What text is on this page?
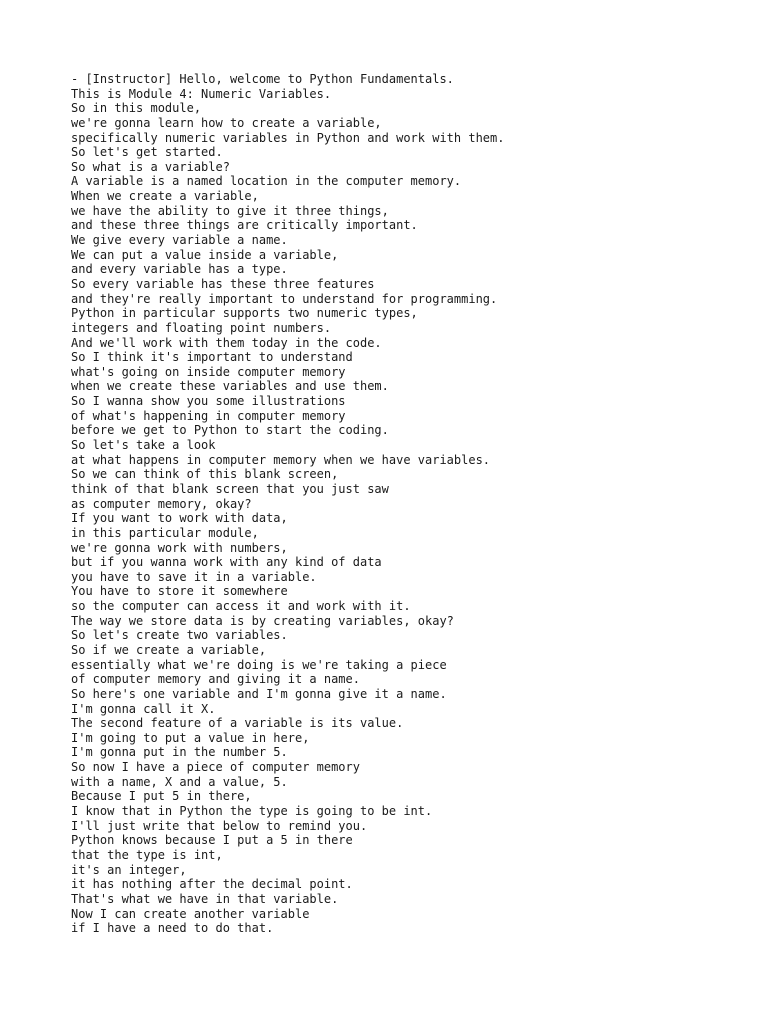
- [Instructor] Hello, welcome to Python Fundamentals.
This is Module 4: Numeric Variables.
So in this module,
we're gonna learn how to create a variable,
specifically numeric variables in Python and work with them.
So let's get started.
So what is a variable?
A variable is a named location in the computer memory.
When we create a variable,
we have the ability to give it three things,
and these three things are critically important.
We give every variable a name.
We can put a value inside a variable,
and every variable has a type.
So every variable has these three features
and they're really important to understand for programming.
Python in particular supports two numeric types,
integers and floating point numbers.
And we'll work with them today in the code.
So I think it's important to understand
what's going on inside computer memory
when we create these variables and use them.
So I wanna show you some illustrations
of what's happening in computer memory
before we get to Python to start the coding.
So let's take a look
at what happens in computer memory when we have variables.
So we can think of this blank screen,
think of that blank screen that you just saw
as computer memory, okay?
If you want to work with data,
in this particular module,
we're gonna work with numbers,
but if you wanna work with any kind of data
you have to save it in a variable.
You have to store it somewhere
so the computer can access it and work with it.
The way we store data is by creating variables, okay?
So let's create two variables.
So if we create a variable,
essentially what we're doing is we're taking a piece
of computer memory and giving it a name.
So here's one variable and I'm gonna give it a name.
I'm gonna call it X.
The second feature of a variable is its value.
I'm going to put a value in here,
I'm gonna put in the number 5.
So now I have a piece of computer memory
with a name, X and a value, 5.
Because I put 5 in there,
I know that in Python the type is going to be int.
I'll just write that below to remind you.
Python knows because I put a 5 in there
that the type is int,
it's an integer,
it has nothing after the decimal point.
That's what we have in that variable.
Now I can create another variable
if I have a need to do that.
